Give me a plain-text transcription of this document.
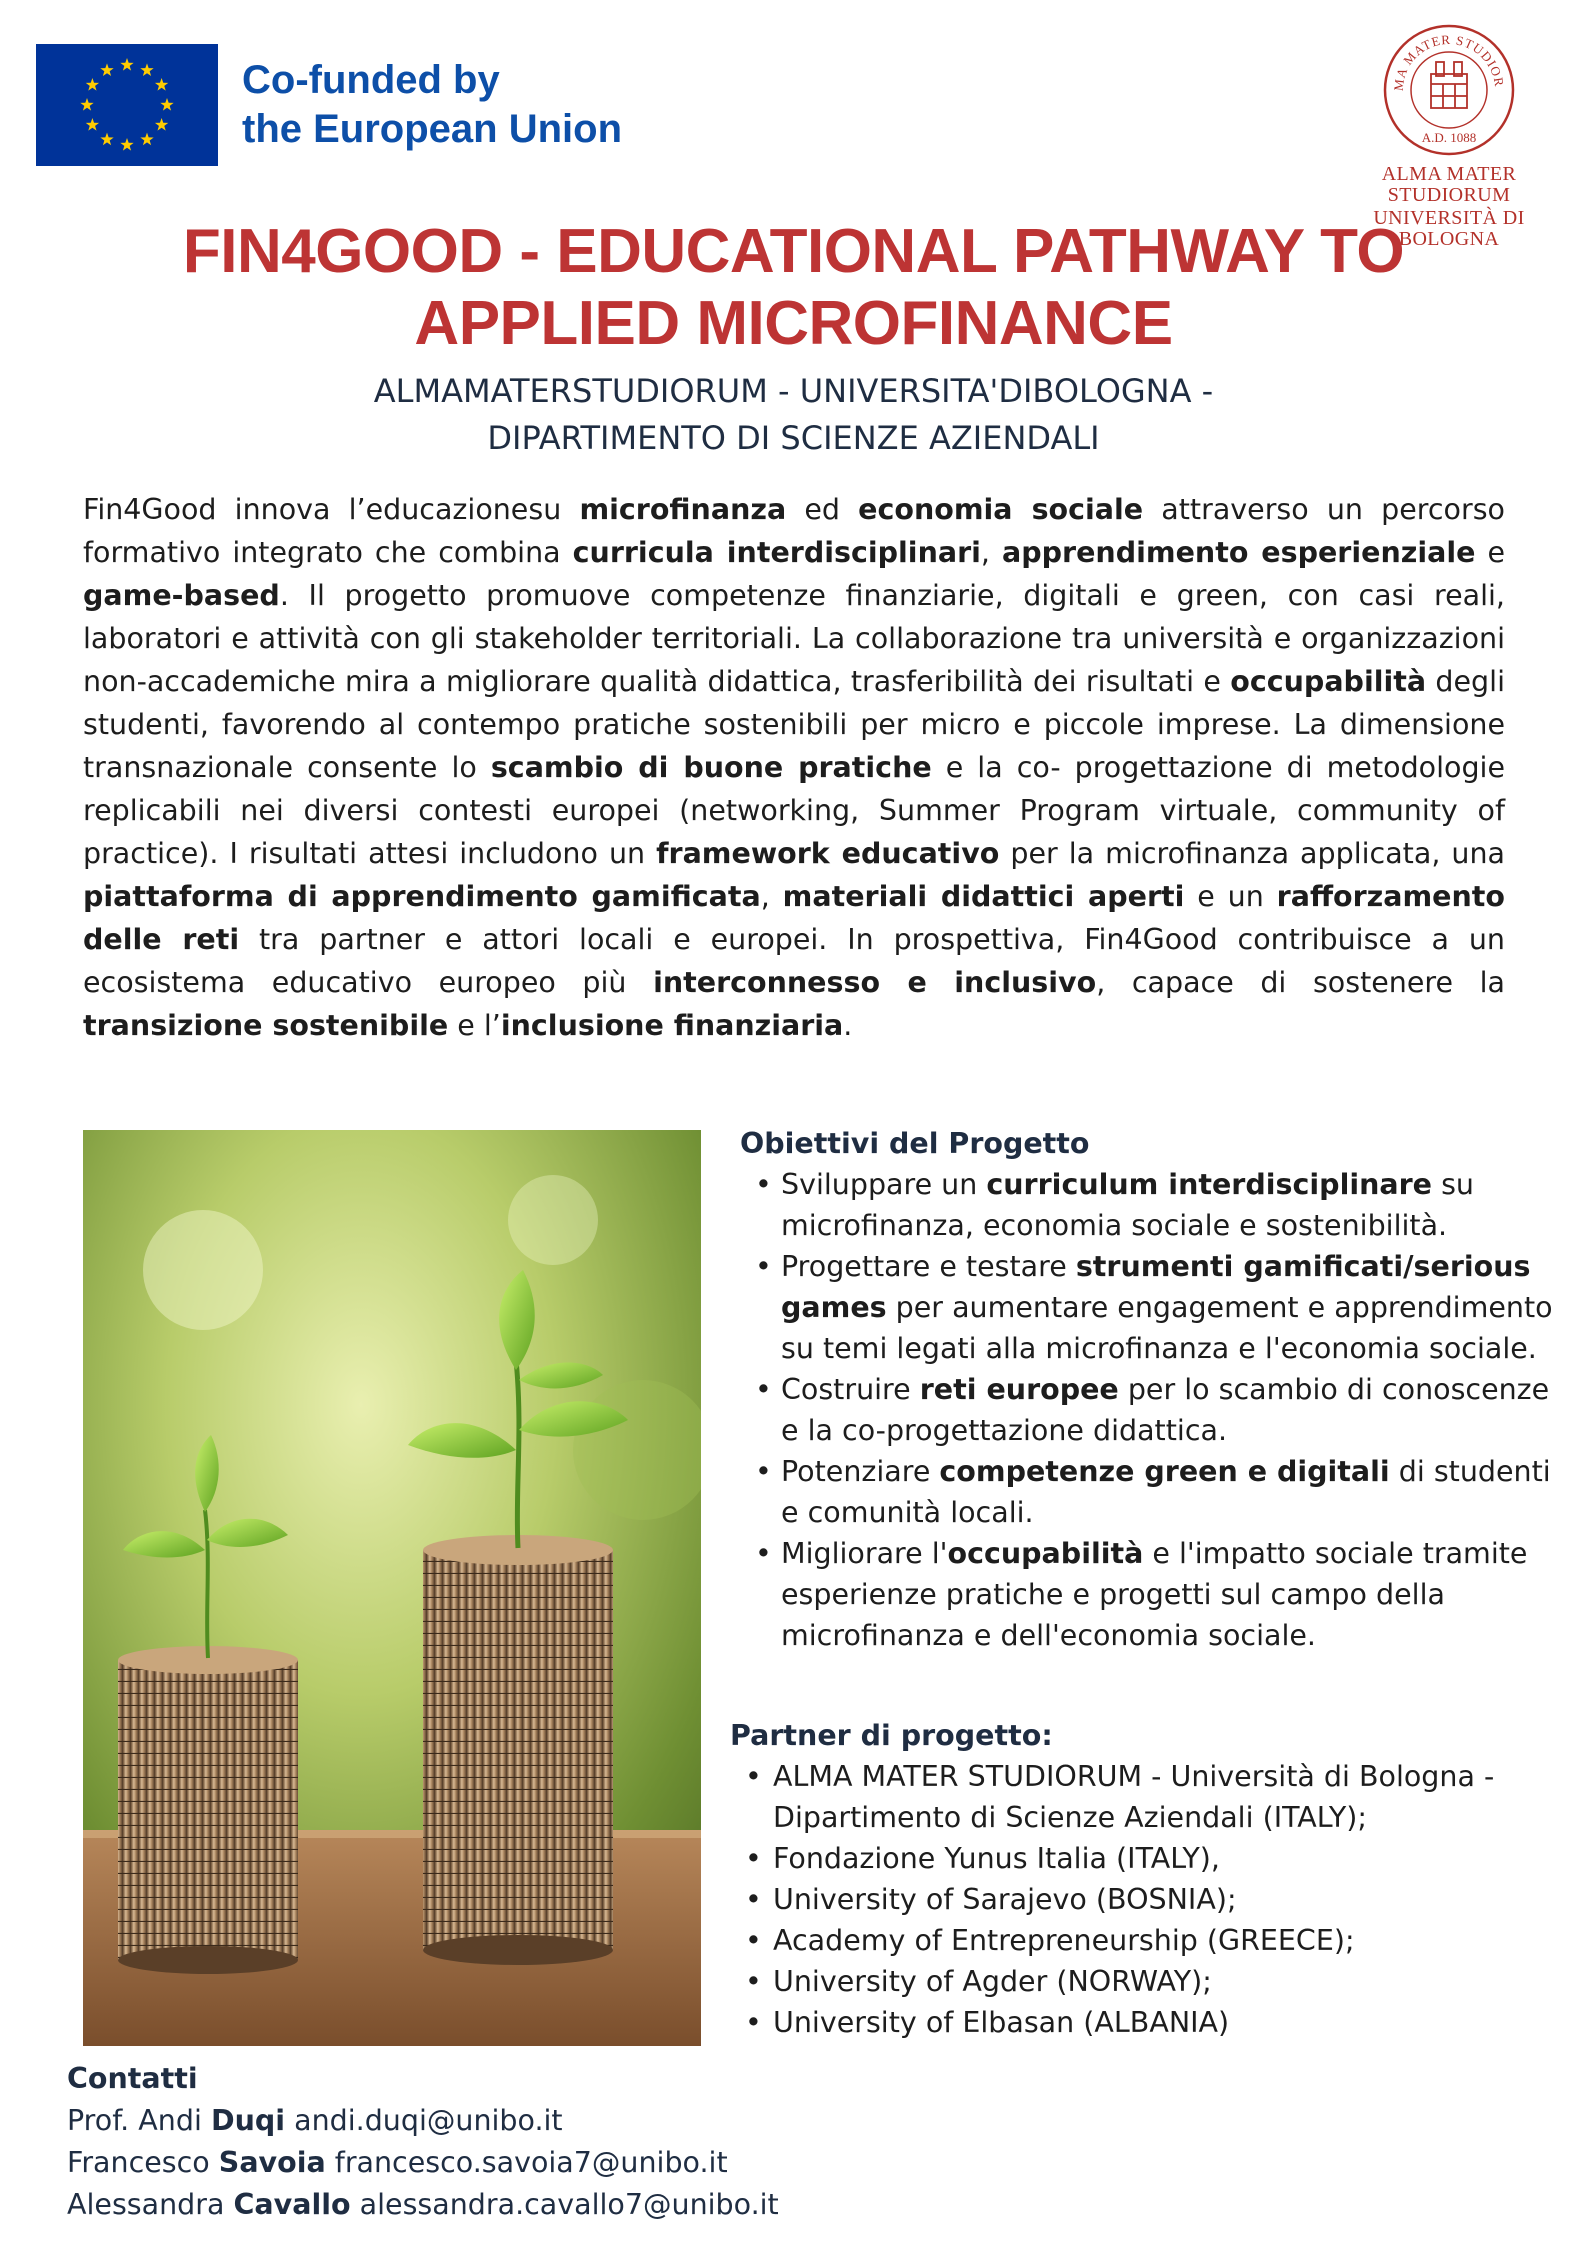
Co-funded by
the European Union
MA MATER STUDIOR
A.D. 1088
ALMA MATER STUDIORUM
UNIVERSITÀ DI BOLOGNA
FIN4GOOD - EDUCATIONAL PATHWAY TO
APPLIED MICROFINANCE
ALMAMATERSTUDIORUM - UNIVERSITA'DIBOLOGNA -
DIPARTIMENTO DI SCIENZE AZIENDALI
Fin4Good innova l’educazionesu microfinanza ed economia sociale attraverso un percorso formativo integrato che combina curricula interdisciplinari, apprendimento esperienziale e game-based. Il progetto promuove competenze finanziarie, digitali e green, con casi reali, laboratori e attività con gli stakeholder territoriali. La collaborazione tra università e organizzazioni non-accademiche mira a migliorare qualità didattica, trasferibilità dei risultati e occupabilità degli studenti, favorendo al contempo pratiche sostenibili per micro e piccole imprese. La dimensione transnazionale consente lo scambio di buone pratiche e la co- progettazione di metodologie replicabili nei diversi contesti europei (networking, Summer Program virtuale, community of practice). I risultati attesi includono un framework educativo per la microfinanza applicata, una piattaforma di apprendimento gamificata, materiali didattici aperti e un rafforzamento delle reti tra partner e attori locali e europei. In prospettiva, Fin4Good contribuisce a un ecosistema educativo europeo più interconnesso e inclusivo, capace di sostenere la transizione sostenibile e l’inclusione finanziaria.
Obiettivi del Progetto
• Sviluppare un curriculum interdisciplinare su microfinanza, economia sociale e sostenibilità.
• Progettare e testare strumenti gamificati/serious games per aumentare engagement e apprendimento su temi legati alla microfinanza e l'economia sociale.
• Costruire reti europee per lo scambio di conoscenze e la co-progettazione didattica.
• Potenziare competenze green e digitali di studenti e comunità locali.
• Migliorare l'occupabilità e l'impatto sociale tramite esperienze pratiche e progetti sul campo della microfinanza e dell'economia sociale.
Partner di progetto:
• ALMA MATER STUDIORUM - Università di Bologna - Dipartimento di Scienze Aziendali (ITALY);
• Fondazione Yunus Italia (ITALY),
• University of Sarajevo (BOSNIA);
• Academy of Entrepreneurship (GREECE);
• University of Agder (NORWAY);
• University of Elbasan (ALBANIA)
Contatti
Prof. Andi Duqi andi.duqi@unibo.it
Francesco Savoia francesco.savoia7@unibo.it
Alessandra Cavallo alessandra.cavallo7@unibo.it
